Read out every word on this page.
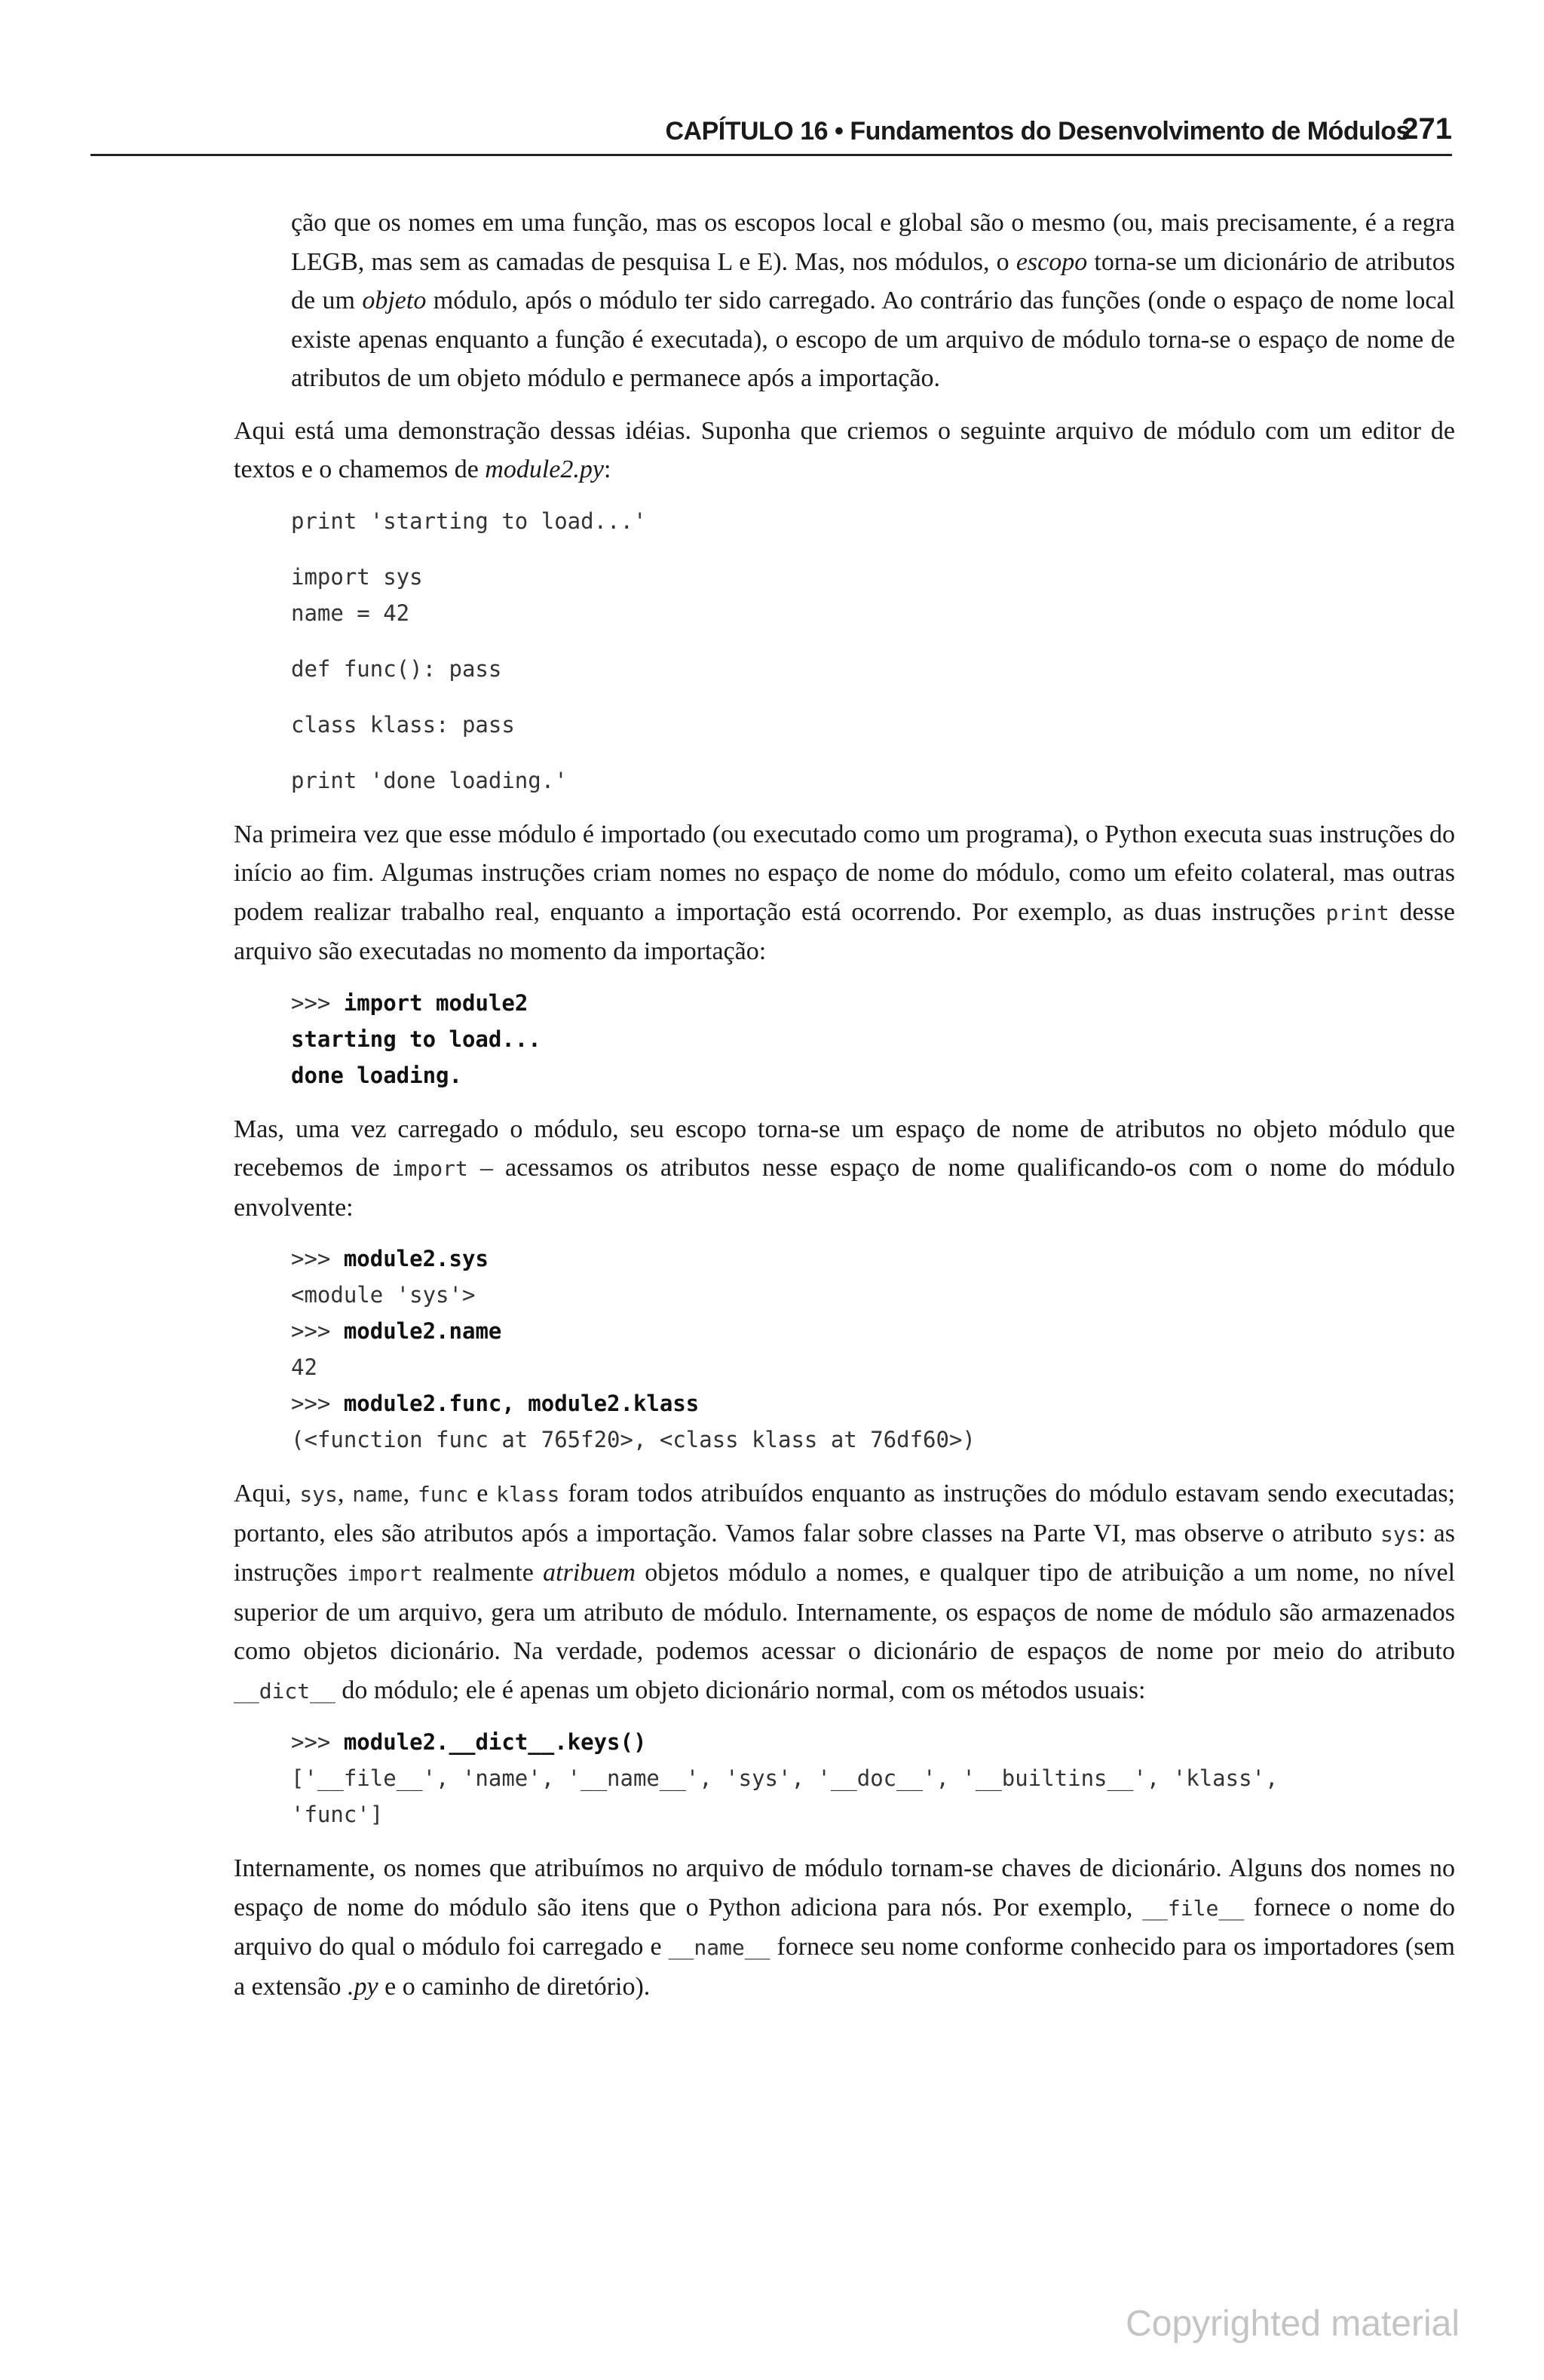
CAPÍTULO 16 • Fundamentos do Desenvolvimento de Módulos
271

ção que os nomes em uma função, mas os escopos local e global são o mesmo (ou, mais precisamente, é a regra LEGB, mas sem as camadas de pesquisa L e E). Mas, nos módulos, o escopo torna-se um dicionário de atributos de um objeto módulo, após o módulo ter sido carregado. Ao contrário das funções (onde o espaço de nome local existe apenas enquanto a função é executada), o escopo de um arquivo de módulo torna-se o espaço de nome de atributos de um objeto módulo e permanece após a importação.

Aqui está uma demonstração dessas idéias. Suponha que criemos o seguinte arquivo de módulo com um editor de textos e o chamemos de module2.py:

print 'starting to load...'
import sys
name = 42
def func(): pass
class klass: pass
print 'done loading.'

Na primeira vez que esse módulo é importado (ou executado como um programa), o Python executa suas instruções do início ao fim. Algumas instruções criam nomes no espaço de nome do módulo, como um efeito colateral, mas outras podem realizar trabalho real, enquanto a importação está ocorrendo. Por exemplo, as duas instruções print desse arquivo são executadas no momento da importação:

>>> import module2
starting to load...
done loading.

Mas, uma vez carregado o módulo, seu escopo torna-se um espaço de nome de atributos no objeto módulo que recebemos de import – acessamos os atributos nesse espaço de nome qualificando-os com o nome do módulo envolvente:

>>> module2.sys
<module 'sys'>
>>> module2.name
42
>>> module2.func, module2.klass
(<function func at 765f20>, <class klass at 76df60>)

Aqui, sys, name, func e klass foram todos atribuídos enquanto as instruções do módulo estavam sendo executadas; portanto, eles são atributos após a importação. Vamos falar sobre classes na Parte VI, mas observe o atributo sys: as instruções import realmente atribuem objetos módulo a nomes, e qualquer tipo de atribuição a um nome, no nível superior de um arquivo, gera um atributo de módulo. Internamente, os espaços de nome de módulo são armazenados como objetos dicionário. Na verdade, podemos acessar o dicionário de espaços de nome por meio do atributo __dict__ do módulo; ele é apenas um objeto dicionário normal, com os métodos usuais:

>>> module2.__dict__.keys()
['__file__', 'name', '__name__', 'sys', '__doc__', '__builtins__', 'klass',
'func']

Internamente, os nomes que atribuímos no arquivo de módulo tornam-se chaves de dicionário. Alguns dos nomes no espaço de nome do módulo são itens que o Python adiciona para nós. Por exemplo, __file__ fornece o nome do arquivo do qual o módulo foi carregado e __name__ fornece seu nome conforme conhecido para os importadores (sem a extensão .py e o caminho de diretório).

Copyrighted material
